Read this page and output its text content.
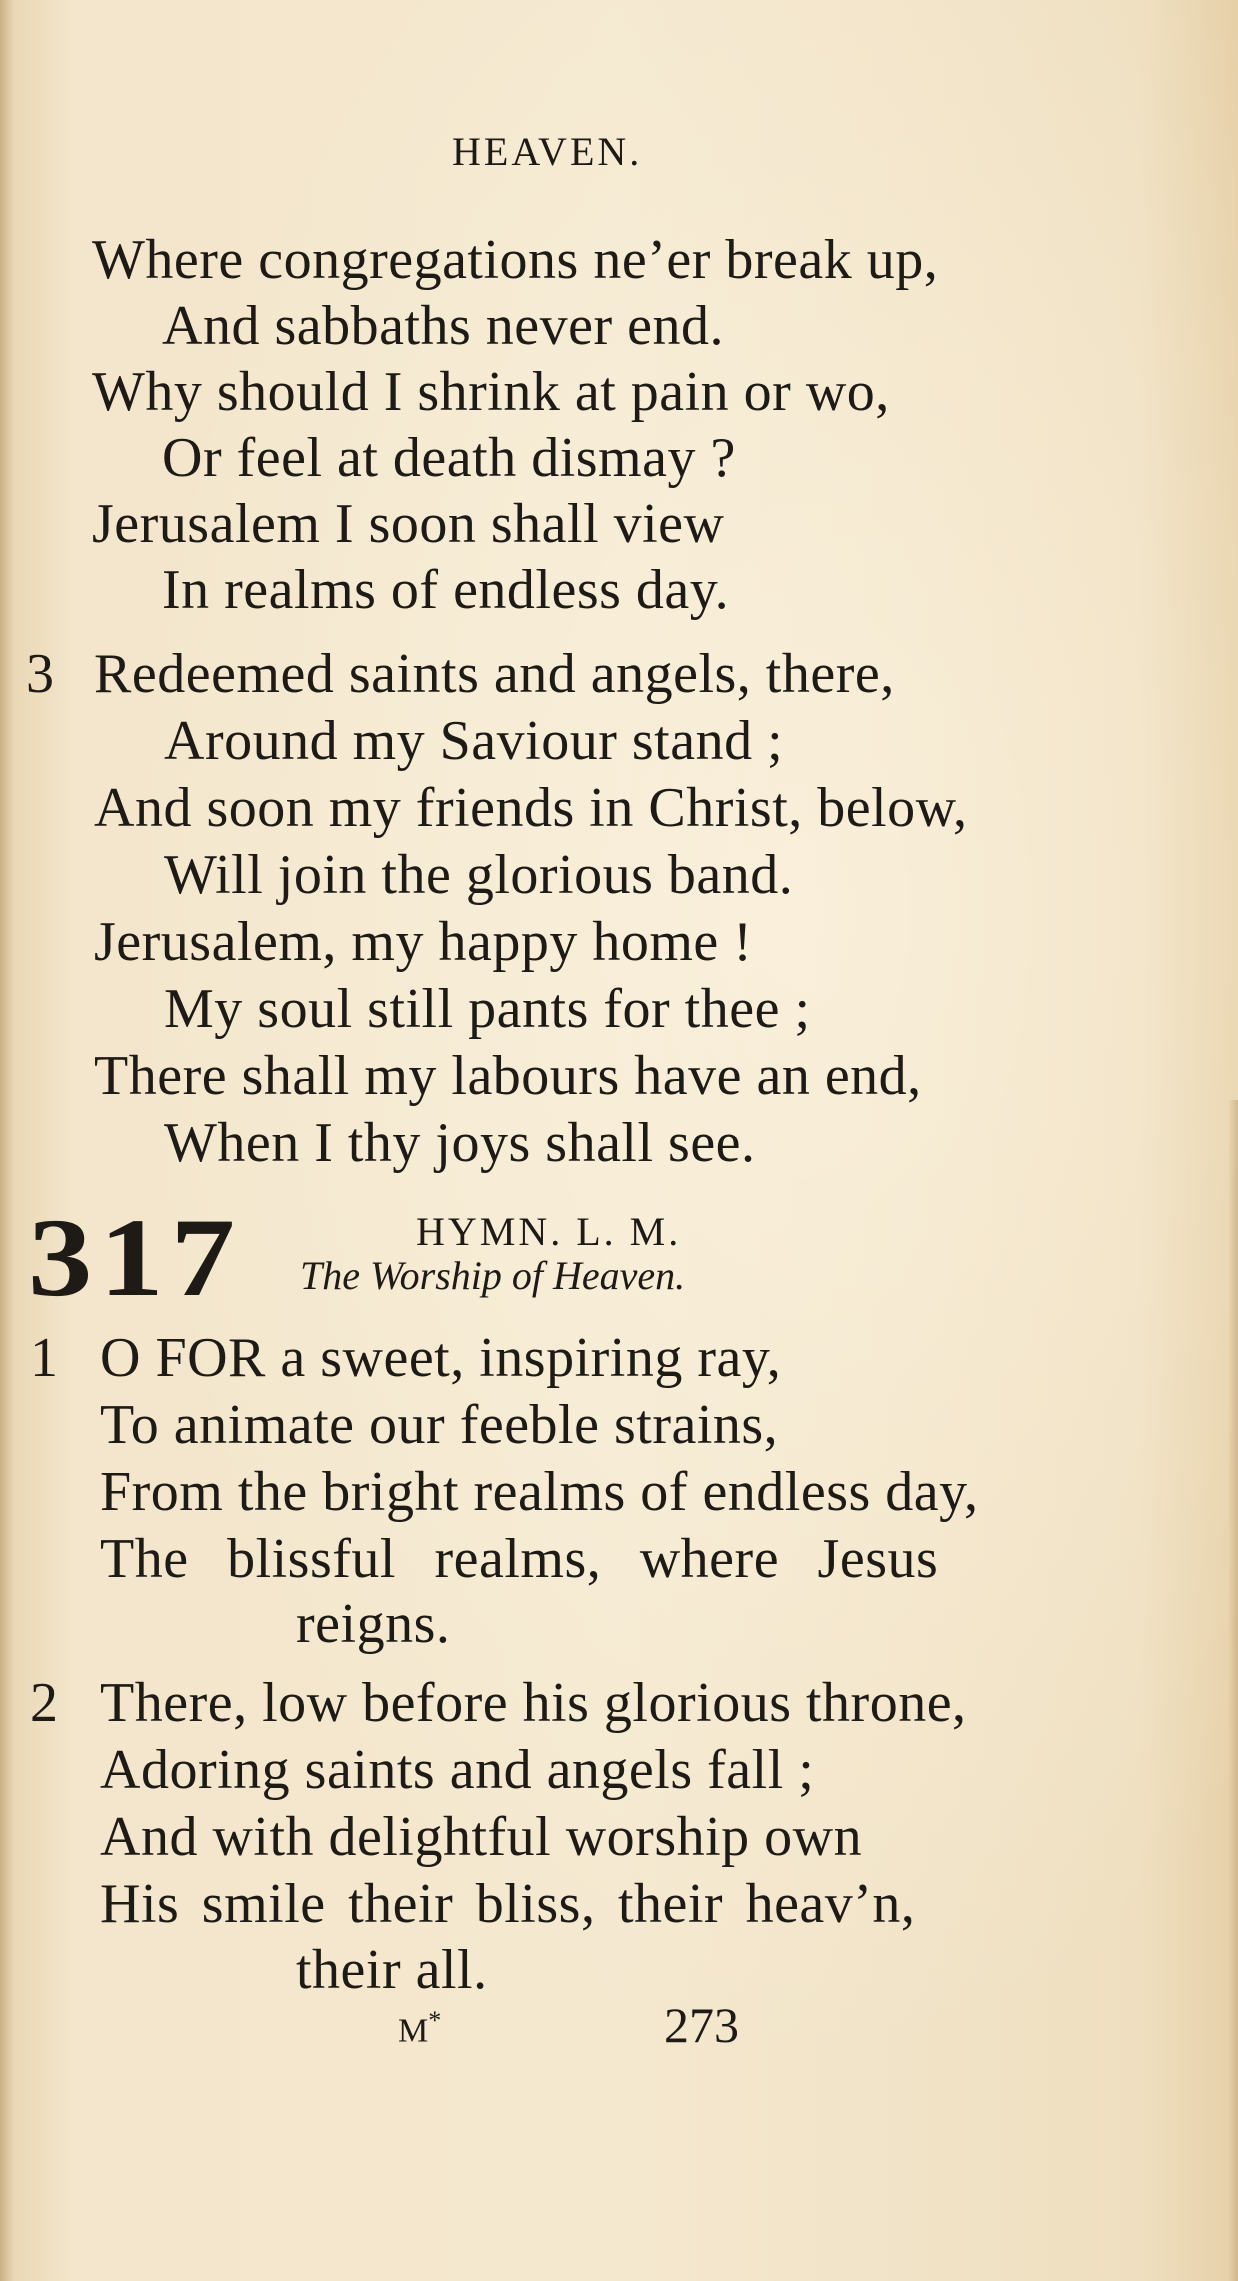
HEAVEN.
Where congregations ne’er break up,
And sabbaths never end.
Why should I shrink at pain or wo,
Or feel at death dismay ?
Jerusalem I soon shall view
In realms of endless day.
3 Redeemed saints and angels, there,
Around my Saviour stand ;
And soon my friends in Christ, below,
Will join the glorious band.
Jerusalem, my happy home !
My soul still pants for thee ;
There shall my labours have an end,
When I thy joys shall see.
317	HYMN. L. M.
The Worship of Heaven.
1 O FOR a sweet, inspiring ray,
To animate our feeble strains,
From the bright realms of endless day,
The blissful realms, where Jesus
reigns.
2 There, low before his glorious throne,
Adoring saints and angels fall ;
And with delightful worship own
His smile their bliss, their heav’n,
their all.
M*	273
